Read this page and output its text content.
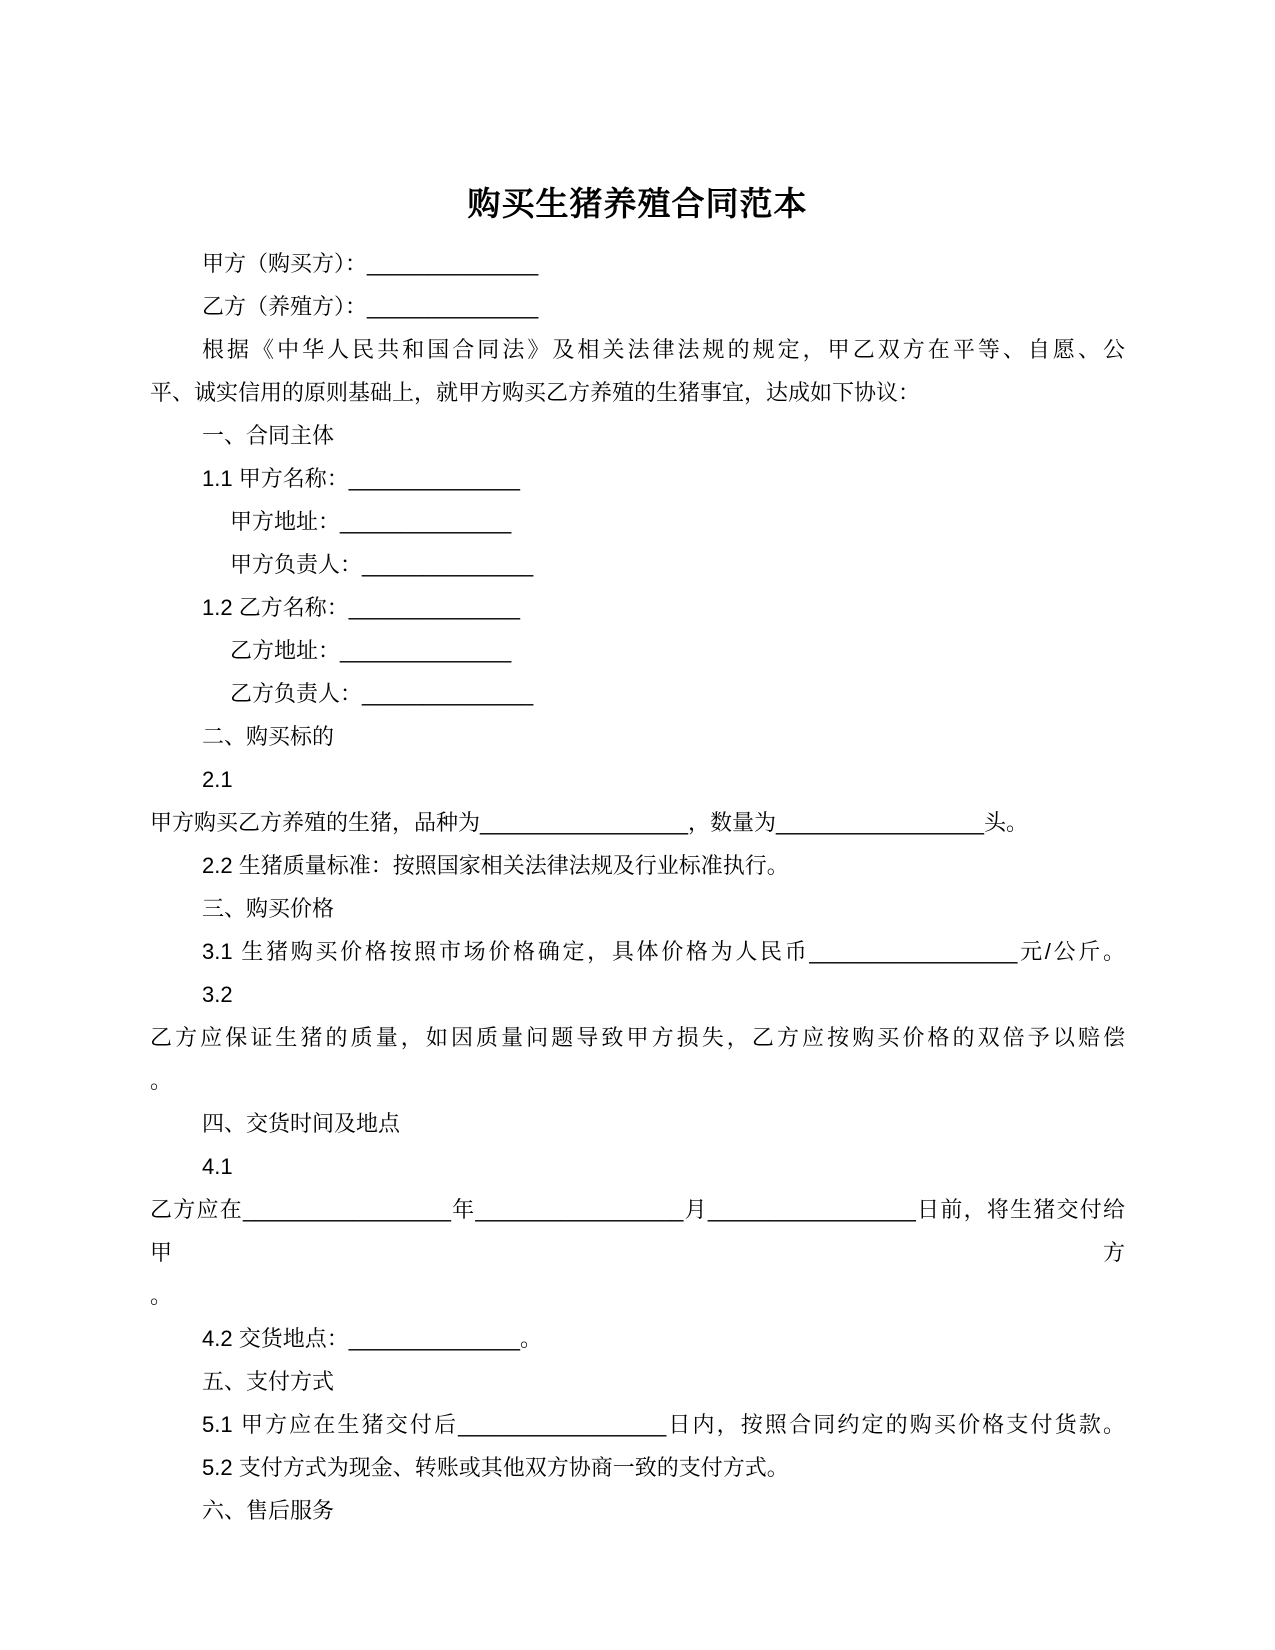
购买生猪养殖合同范本
甲方（购买方）：______________
乙方（养殖方）：______________
根据《中华人民共和国合同法》及相关法律法规的规定，甲乙双方在平等、自愿、公
平、诚实信用的原则基础上，就甲方购买乙方养殖的生猪事宜，达成如下协议：
一、合同主体
1.1 甲方名称：______________
甲方地址：______________
甲方负责人：______________
1.2 乙方名称：______________
乙方地址：______________
乙方负责人：______________
二、购买标的
2.1
甲方购买乙方养殖的生猪，品种为_________________，数量为_________________头。
2.2 生猪质量标准：按照国家相关法律法规及行业标准执行。
三、购买价格
3.1 生猪购买价格按照市场价格确定，具体价格为人民币_________________元/公斤。
3.2
乙方应保证生猪的质量，如因质量问题导致甲方损失，乙方应按购买价格的双倍予以赔偿
。
四、交货时间及地点
4.1
乙方应在_________________年_________________月_________________日前，将生猪交付给甲方
。
4.2 交货地点：______________。
五、支付方式
5.1 甲方应在生猪交付后_________________日内，按照合同约定的购买价格支付货款。
5.2 支付方式为现金、转账或其他双方协商一致的支付方式。
六、售后服务
